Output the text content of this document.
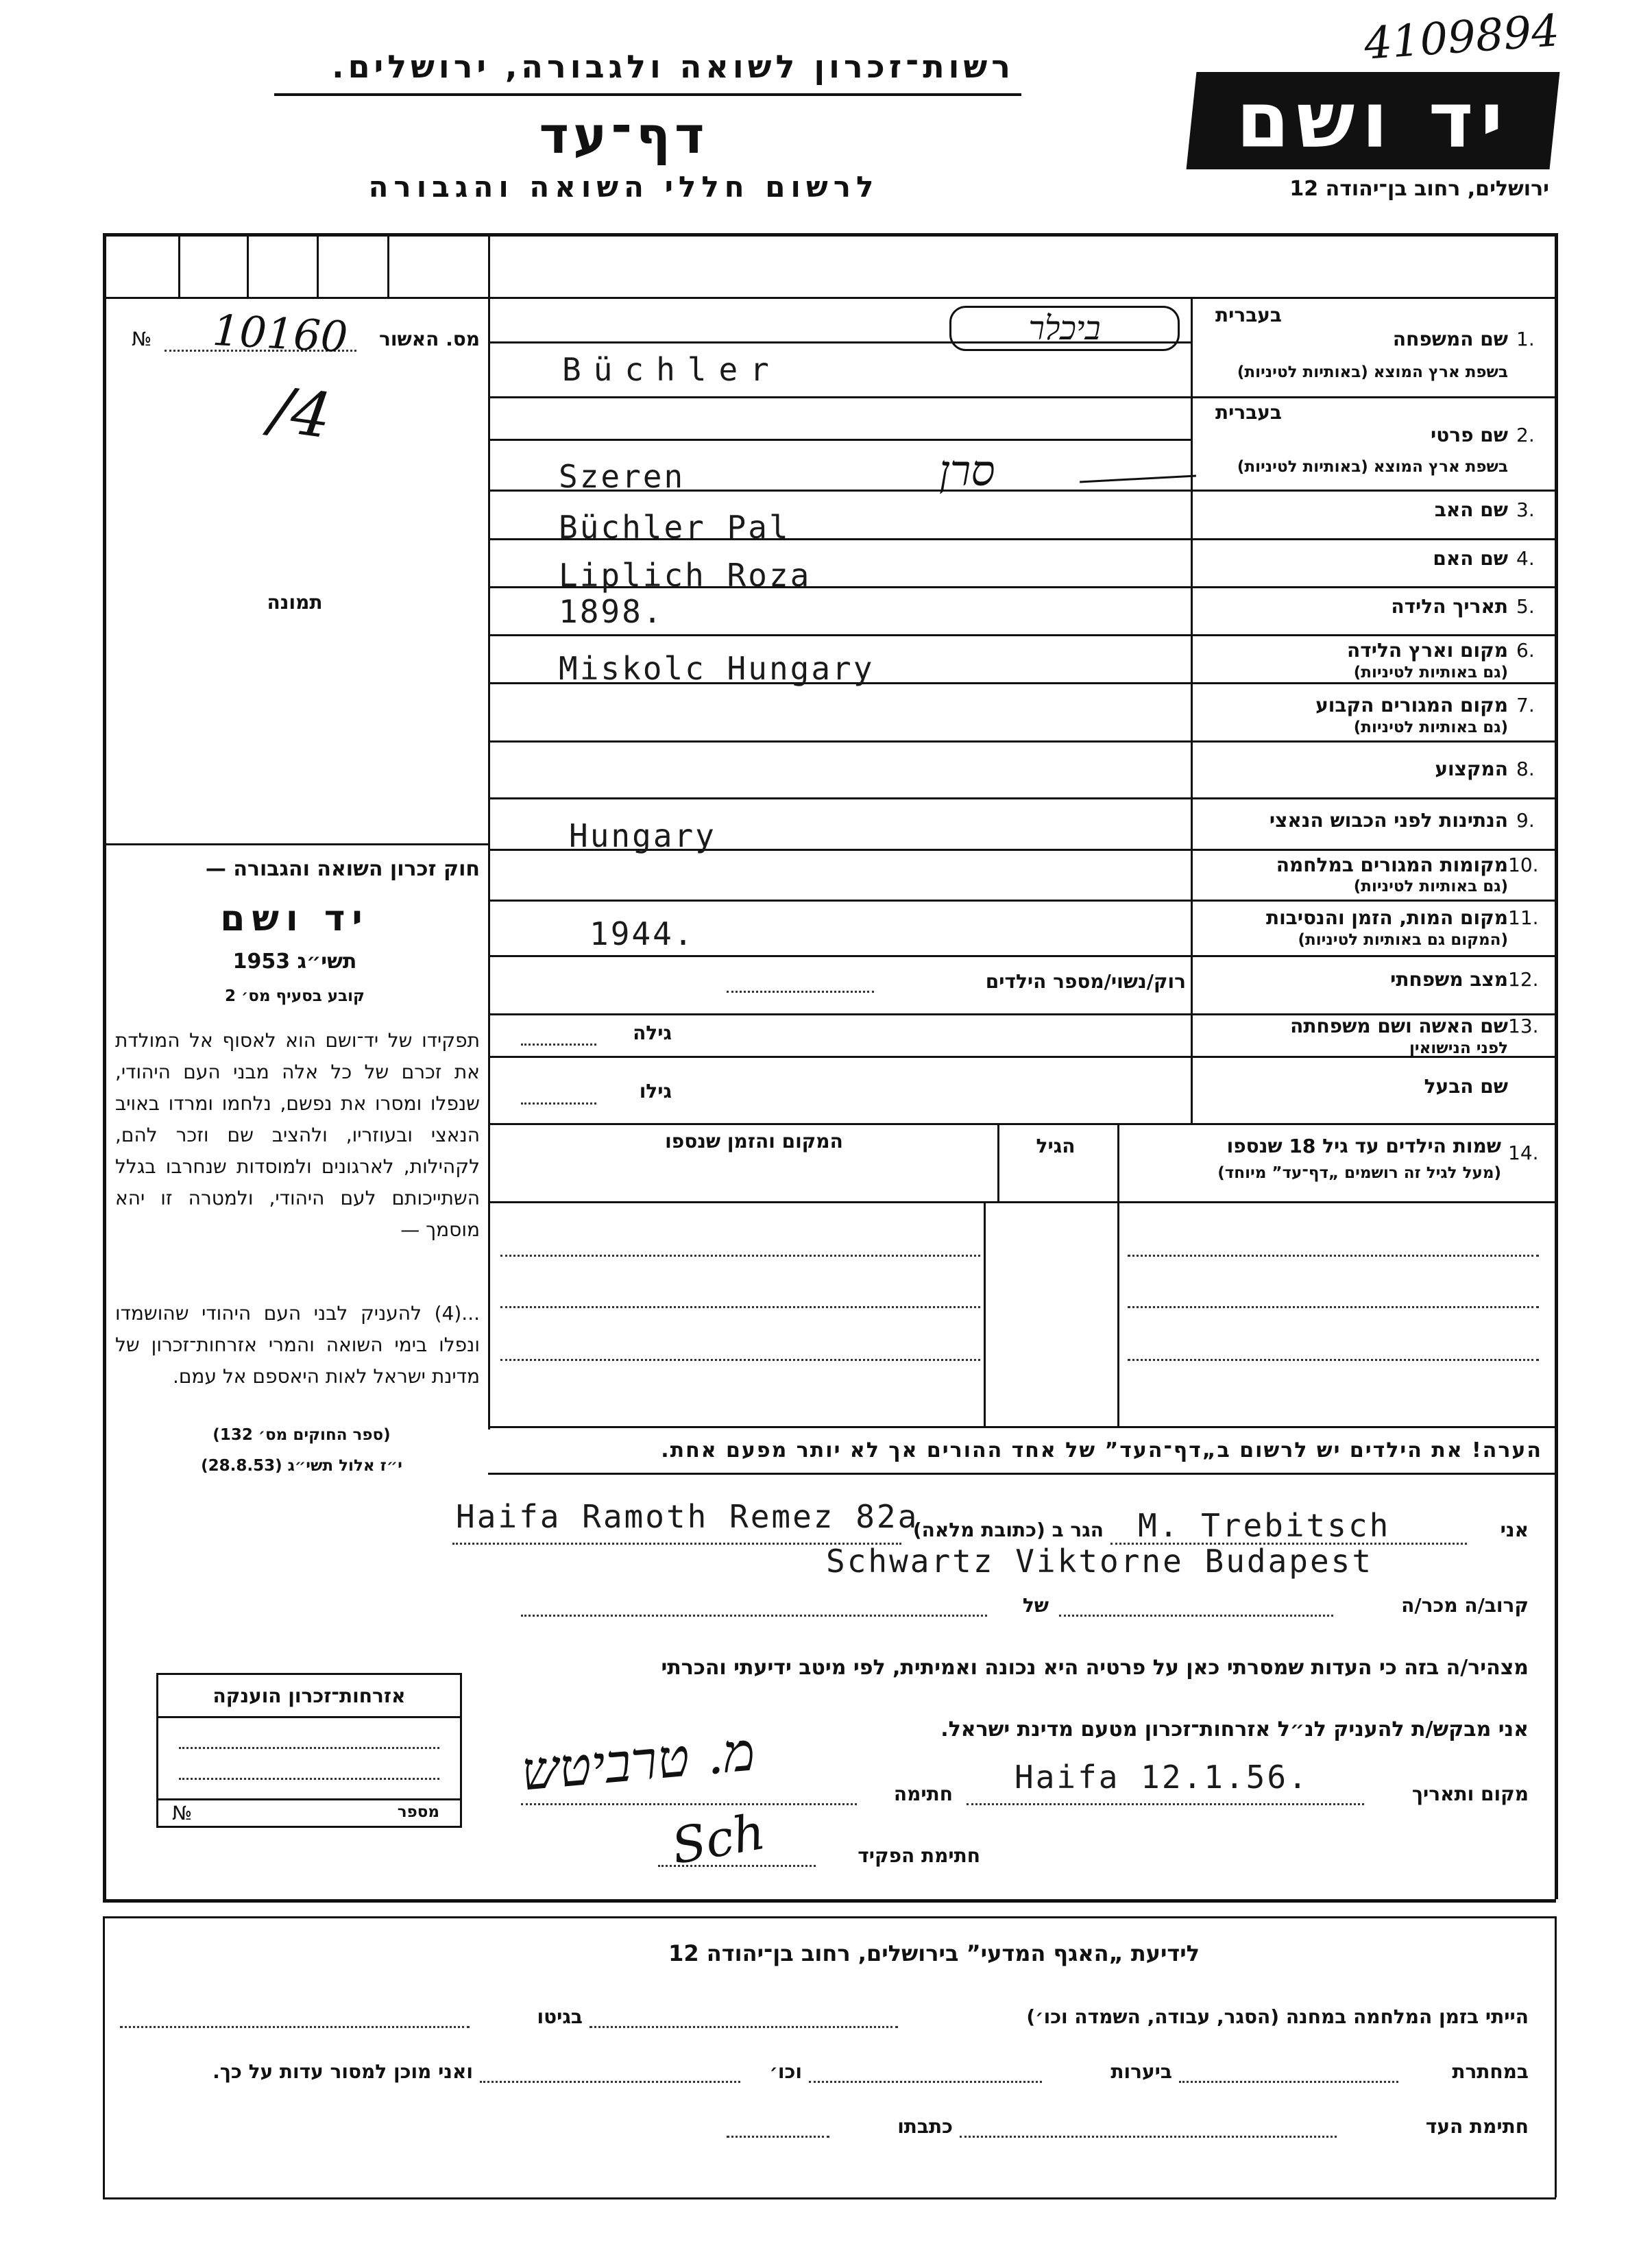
4109894
רשות־זכרון לשואה ולגבורה, ירושלים.
דף־עד
לרשום חללי השואה והגבורה
יד ושם
ירושלים, רחוב בן־יהודה 12
מס. האשור
№ 10160
/4
תמונה
חוק זכרון השואה והגבורה —
יד ושם
תשי״ג 1953
קובע בסעיף מס׳ 2
תפקידו של יד־ושם הוא לאסוף אל המולדת את זכרם של כל אלה מבני העם היהודי, שנפלו ומסרו את נפשם, נלחמו ומרדו באויב הנאצי ובעוזריו, ולהציב שם וזכר להם, לקהילות, לארגונים ולמוסדות שנחרבו בגלל השתייכותם לעם היהודי, ולמטרה זו יהא מוסמך —
...(4) להעניק לבני העם היהודי שהושמדו ונפלו בימי השואה והמרי אזרחות־זכרון של מדינת ישראל לאות היאספם אל עמם.
(ספר החוקים מס׳ 132)
י״ז אלול תשי״ג (28.8.53)
בעברית
שם המשפחה 1.
בשפת ארץ המוצא (באותיות לטיניות)
בעברית
שם פרטי 2.
בשפת ארץ המוצא (באותיות לטיניות)
שם האב 3.
שם האם 4.
תאריך הלידה 5.
מקום וארץ הלידה 6.
(גם באותיות לטיניות)
מקום המגורים הקבוע 7.
(גם באותיות לטיניות)
המקצוע 8.
הנתינות לפני הכבוש הנאצי 9.
מקומות המגורים במלחמה 10.
(גם באותיות לטיניות)
מקום המות, הזמן והנסיבות 11.
(המקום גם באותיות לטיניות)
מצב משפחתי 12.
שם האשה ושם משפחתה 13.
לפני הנישואין
שם הבעל
ביכלר
Büchler
Szeren	סרן
Büchler Pal
Liplich Roza
1898.
Miskolc Hungary
Hungary
1944.
רוק/נשוי/מספר הילדים
גילה
גילו
14.
שמות הילדים עד גיל 18 שנספו
(מעל לגיל זה רושמים „דף־עד” מיוחד)
הגיל
המקום והזמן שנספו
הערה! את הילדים יש לרשום ב„דף־העד” של אחד ההורים אך לא יותר מפעם אחת.
אני
M. Trebitsch
הגר ב (כתובת מלאה)
Haifa Ramoth Remez 82a
Schwartz Viktorne Budapest
קרוב/ה מכר/ה
של
מצהיר/ה בזה כי העדות שמסרתי כאן על פרטיה היא נכונה ואמיתית, לפי מיטב ידיעתי והכרתי
אני מבקש/ת להעניק לנ״ל אזרחות־זכרון מטעם מדינת ישראל.
מקום ותאריך
Haifa 12.1.56.
חתימה
מ. טרביטש
חתימת הפקיד
Sch
אזרחות־זכרון הוענקה
מספר
№
לידיעת „האגף המדעי” בירושלים, רחוב בן־יהודה 12
הייתי בזמן המלחמה במחנה (הסגר, עבודה, השמדה וכו׳)
בגיטו
במחתרת
ביערות
וכו׳
ואני מוכן למסור עדות על כך.
חתימת העד
כתבתו
